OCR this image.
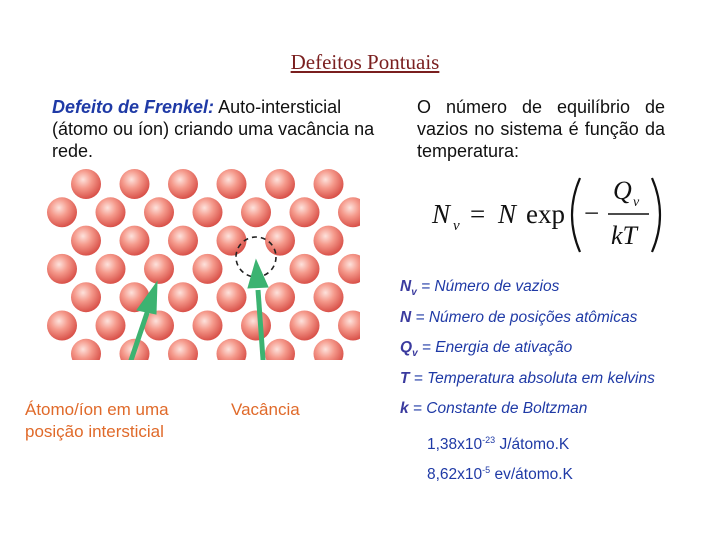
Defeitos Pontuais
Defeito de Frenkel: Auto-intersticial (átomo ou íon) criando uma vacância na rede.
Átomo/íon em uma
posição intersticial
Vacância
O número de equilíbrio de vazios no sistema é função da temperatura:
N v = N exp −
Q v
kT
$N_v$ = Número de vazios
N = Número de posições atômicas
$Q_v$ = Energia de ativação
T = Temperatura absoluta em kelvins
k = Constante de Boltzman
$1,38x10^{-23}$ J/átomo.K
$8,62x10^{-5}$ ev/átomo.K
